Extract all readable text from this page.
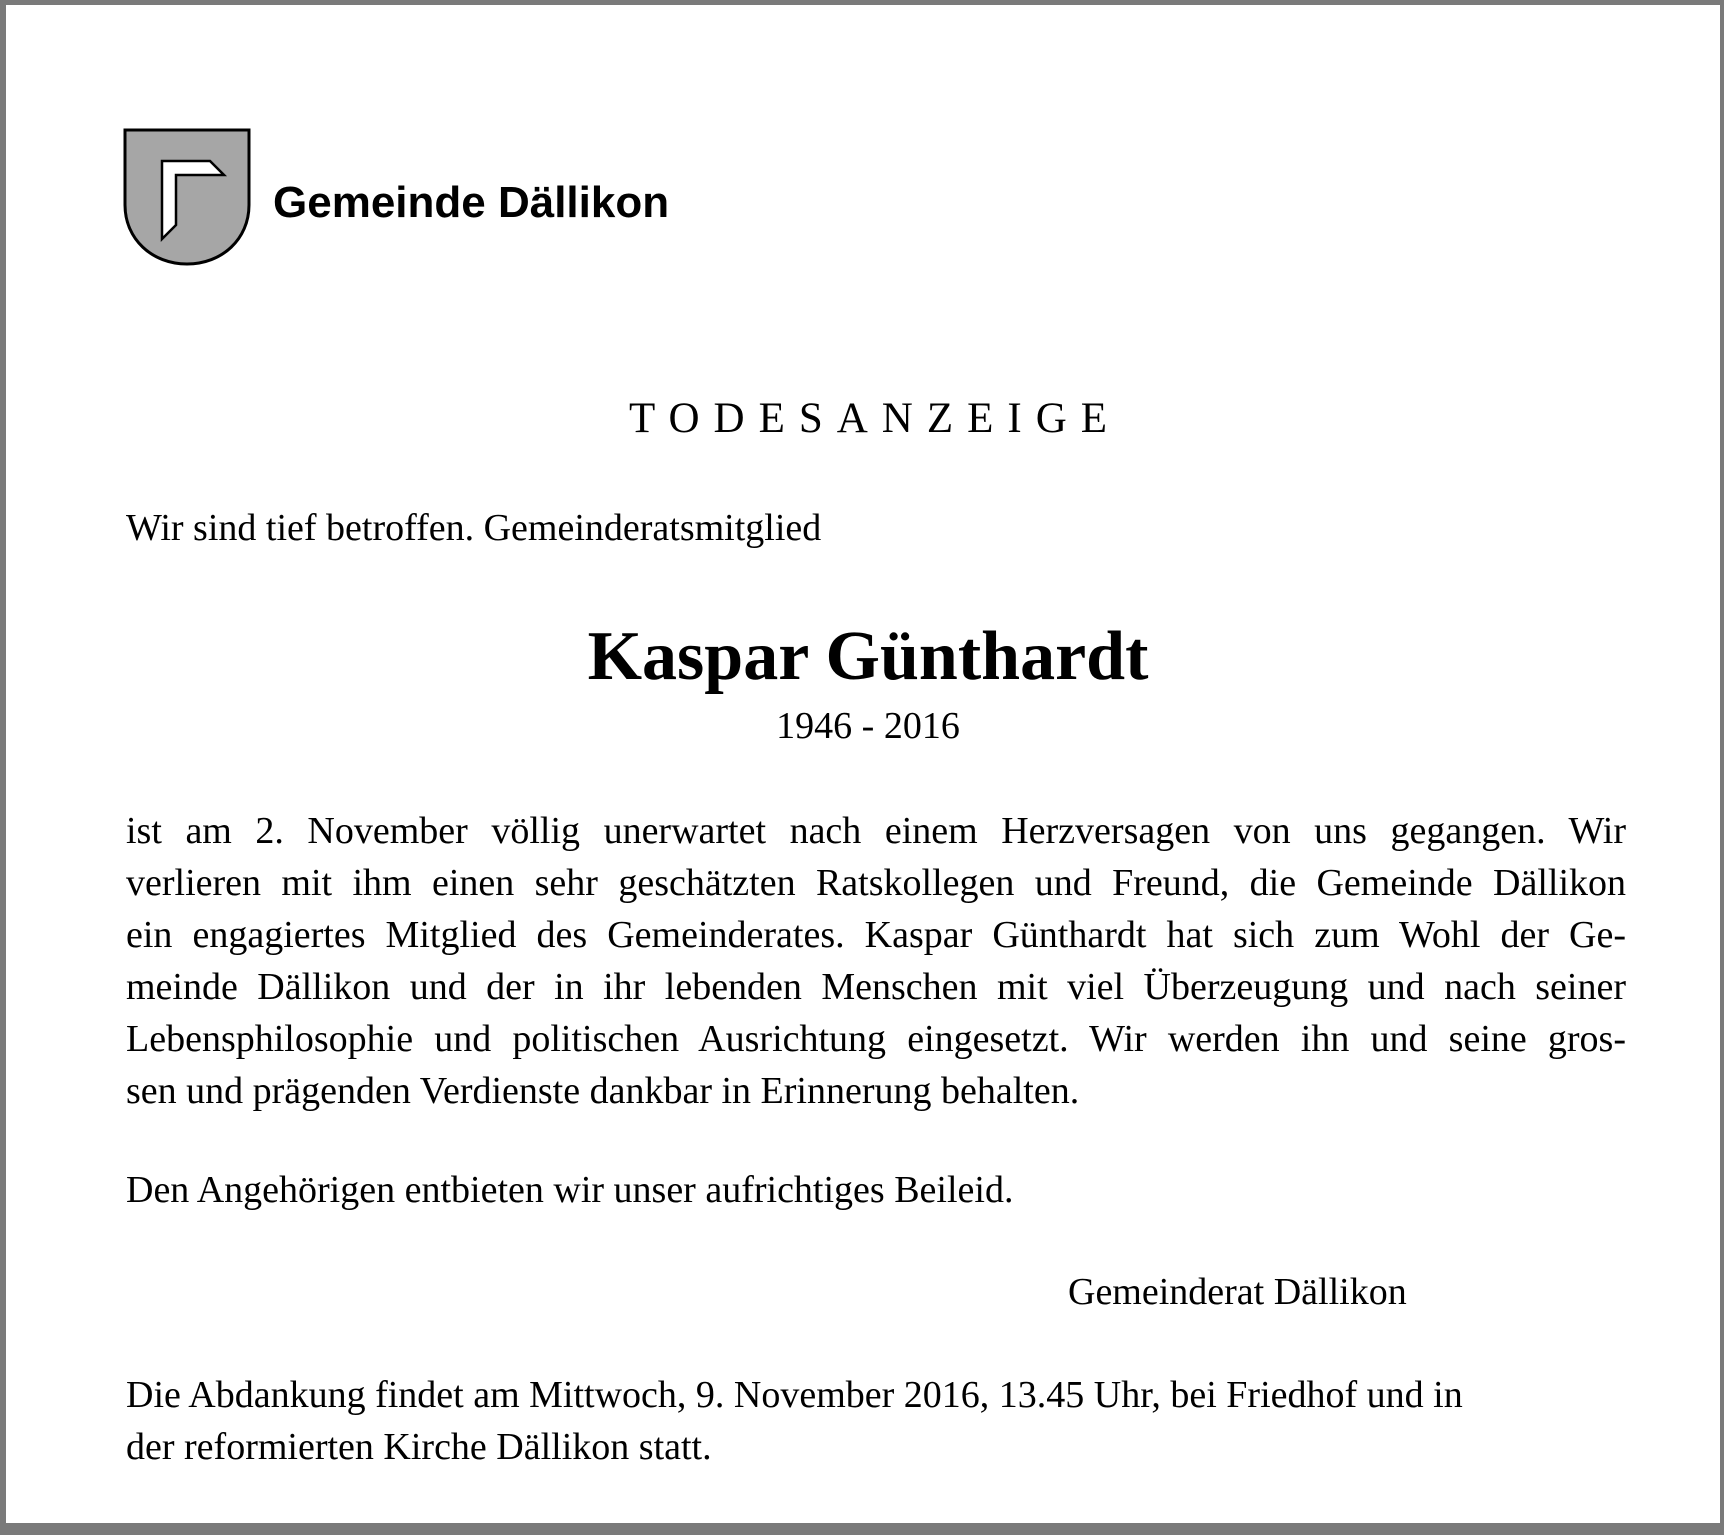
Gemeinde Dällikon
TODESANZEIGE
Wir sind tief betroffen. Gemeinderatsmitglied
Kaspar Günthardt
1946 - 2016
ist am 2. November völlig unerwartet nach einem Herzversagen von uns gegangen. Wir
verlieren mit ihm einen sehr geschätzten Ratskollegen und Freund, die Gemeinde Dällikon
ein engagiertes Mitglied des Gemeinderates. Kaspar Günthardt hat sich zum Wohl der Ge-
meinde Dällikon und der in ihr lebenden Menschen mit viel Überzeugung und nach seiner
Lebensphilosophie und politischen Ausrichtung eingesetzt. Wir werden ihn und seine gros-
sen und prägenden Verdienste dankbar in Erinnerung behalten.
Den Angehörigen entbieten wir unser aufrichtiges Beileid.
Gemeinderat Dällikon
Die Abdankung findet am Mittwoch, 9. November 2016, 13.45 Uhr, bei Friedhof und in
der reformierten Kirche Dällikon statt.
